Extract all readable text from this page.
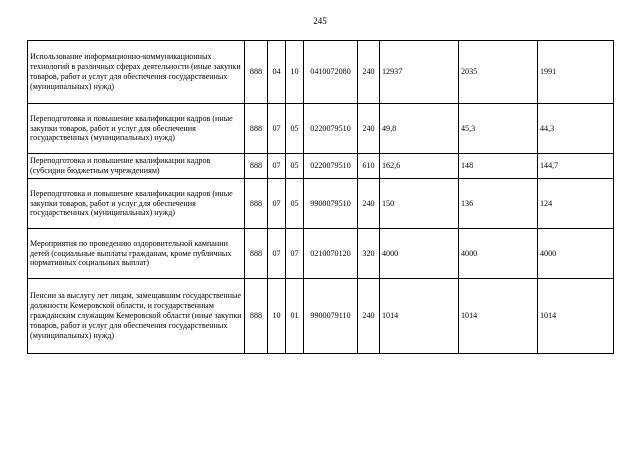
245
Использование информационно-коммуникационных технологий в различных сферах деятельности (иные закупки товаров, работ и услуг для обеспечения государственных (муниципальных) нужд)	888	04	10	0410072080	240	12937	2035	1991
Переподготовка и повышение квалификации кадров (иные закупки товаров, работ и услуг для обеспечения государственных (муниципальных) нужд)	888	07	05	0220079510	240	49,8	45,3	44,3
Переподготовка и повышение квалификации кадров (субсидии бюджетным учреждениям)	888	07	05	0220079510	610	162,6	148	144,7
Переподготовка и повышение квалификации кадров (иные закупки товаров, работ и услуг для обеспечения государственных (муниципальных) нужд)	888	07	05	9900079510	240	150	136	124
Мероприятия по проведению оздоровительной кампании детей (социальные выплаты гражданам, кроме публичных нормативных социальных выплат)	888	07	07	0210070120	320	4000	4000	4000
Пенсии за выслугу лет лицам, замещавшим государственные должности Кемеровской области, и государственным гражданским служащим Кемеровской области (иные закупки товаров, работ и услуг для обеспечения государственных (муниципальных) нужд)	888	10	01	9900079110	240	1014	1014	1014
